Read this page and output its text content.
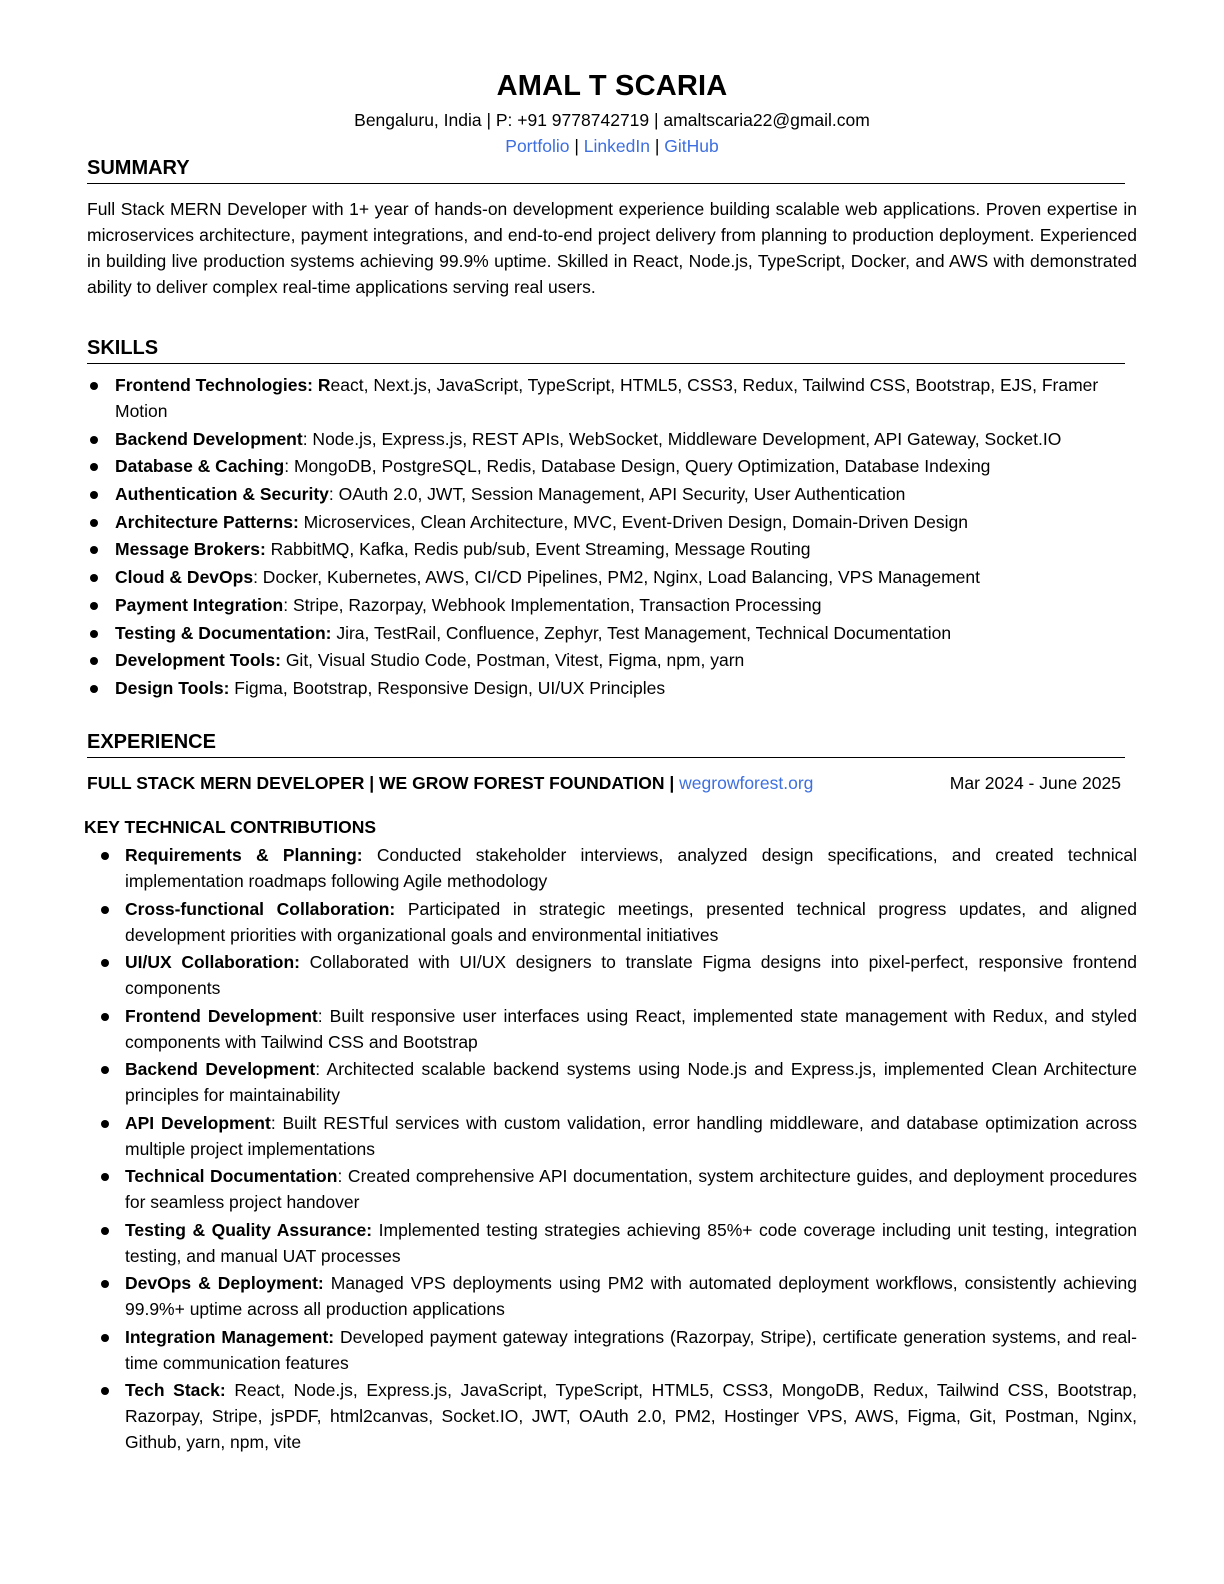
AMAL T SCARIA
Bengaluru, India | P: +91 9778742719 | amaltscaria22@gmail.com
Portfolio | LinkedIn | GitHub
SUMMARY
Full Stack MERN Developer with 1+ year of hands-on development experience building scalable web applications. Proven expertise in microservices architecture, payment integrations, and end-to-end project delivery from planning to production deployment. Experienced in building live production systems achieving 99.9% uptime. Skilled in React, Node.js, TypeScript, Docker, and AWS with demonstrated ability to deliver complex real-time applications serving real users.
SKILLS
Frontend Technologies: React, Next.js, JavaScript, TypeScript, HTML5, CSS3, Redux, Tailwind CSS, Bootstrap, EJS, Framer Motion
Backend Development: Node.js, Express.js, REST APIs, WebSocket, Middleware Development, API Gateway, Socket.IO
Database & Caching: MongoDB, PostgreSQL, Redis, Database Design, Query Optimization, Database Indexing
Authentication & Security: OAuth 2.0, JWT, Session Management, API Security, User Authentication
Architecture Patterns: Microservices, Clean Architecture, MVC, Event-Driven Design, Domain-Driven Design
Message Brokers: RabbitMQ, Kafka, Redis pub/sub, Event Streaming, Message Routing
Cloud & DevOps: Docker, Kubernetes, AWS, CI/CD Pipelines, PM2, Nginx, Load Balancing, VPS Management
Payment Integration: Stripe, Razorpay, Webhook Implementation, Transaction Processing
Testing & Documentation: Jira, TestRail, Confluence, Zephyr, Test Management, Technical Documentation
Development Tools: Git, Visual Studio Code, Postman, Vitest, Figma, npm, yarn
Design Tools: Figma, Bootstrap, Responsive Design, UI/UX Principles
EXPERIENCE
FULL STACK MERN DEVELOPER | WE GROW FOREST FOUNDATION | wegrowforest.org	Mar 2024 - June 2025
KEY TECHNICAL CONTRIBUTIONS
Requirements & Planning: Conducted stakeholder interviews, analyzed design specifications, and created technical implementation roadmaps following Agile methodology
Cross-functional Collaboration: Participated in strategic meetings, presented technical progress updates, and aligned development priorities with organizational goals and environmental initiatives
UI/UX Collaboration: Collaborated with UI/UX designers to translate Figma designs into pixel-perfect, responsive frontend components
Frontend Development: Built responsive user interfaces using React, implemented state management with Redux, and styled components with Tailwind CSS and Bootstrap
Backend Development: Architected scalable backend systems using Node.js and Express.js, implemented Clean Architecture principles for maintainability
API Development: Built RESTful services with custom validation, error handling middleware, and database optimization across multiple project implementations
Technical Documentation: Created comprehensive API documentation, system architecture guides, and deployment procedures for seamless project handover
Testing & Quality Assurance: Implemented testing strategies achieving 85%+ code coverage including unit testing, integration testing, and manual UAT processes
DevOps & Deployment: Managed VPS deployments using PM2 with automated deployment workflows, consistently achieving 99.9%+ uptime across all production applications
Integration Management: Developed payment gateway integrations (Razorpay, Stripe), certificate generation systems, and real-time communication features
Tech Stack: React, Node.js, Express.js, JavaScript, TypeScript, HTML5, CSS3, MongoDB, Redux, Tailwind CSS, Bootstrap, Razorpay, Stripe, jsPDF, html2canvas, Socket.IO, JWT, OAuth 2.0, PM2, Hostinger VPS, AWS, Figma, Git, Postman, Nginx, Github, yarn, npm, vite
